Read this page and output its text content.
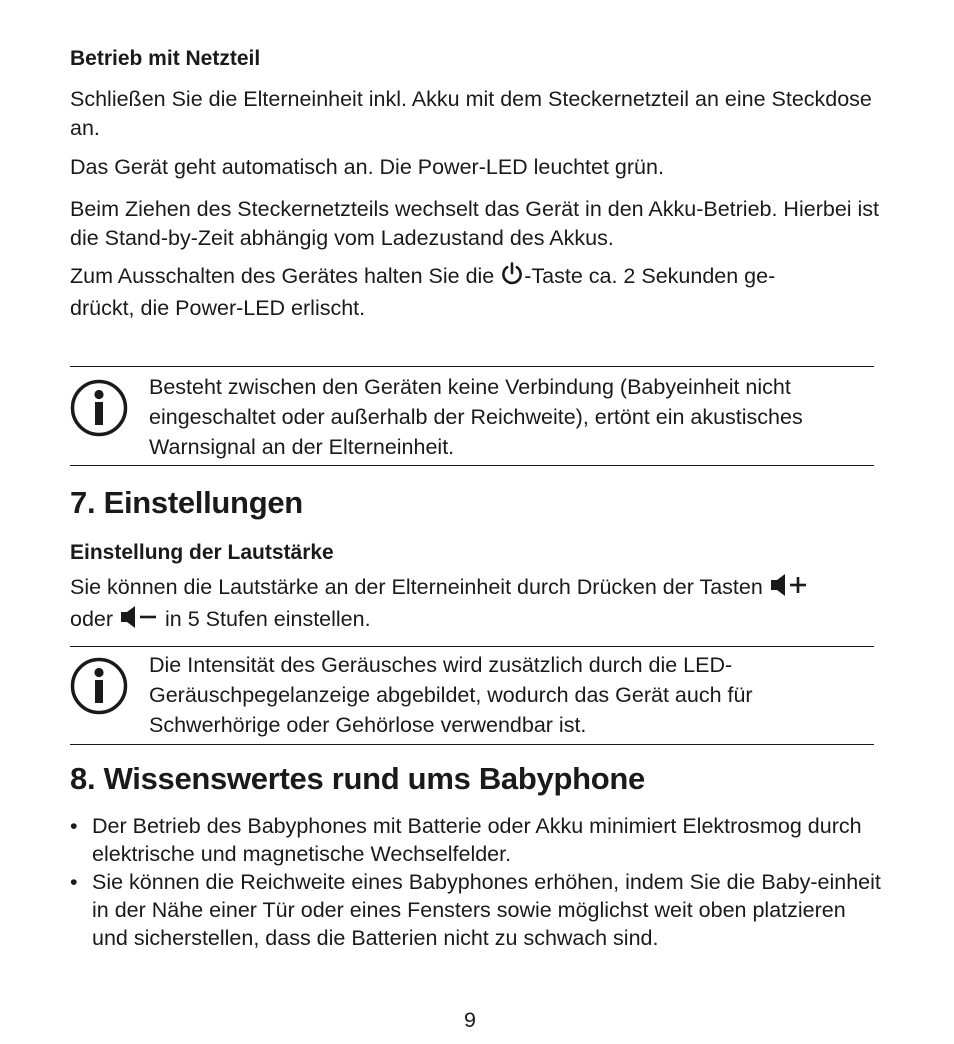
Betrieb mit Netzteil
Schließen Sie die Elterneinheit inkl. Akku mit dem Steckernetzteil an eine Steckdose an.
Das Gerät geht automatisch an. Die Power-LED leuchtet grün.
Beim Ziehen des Steckernetzteils wechselt das Gerät in den Akku-Betrieb. Hierbei ist die Stand-by-Zeit abhängig vom Ladezustand des Akkus.
Zum Ausschalten des Gerätes halten Sie die -Taste ca. 2 Sekunden ge-
drückt, die Power-LED erlischt.
Besteht zwischen den Geräten keine Verbindung (Babyeinheit nicht eingeschaltet oder außerhalb der Reichweite), ertönt ein akustisches Warnsignal an der Elterneinheit.
7. Einstellungen
Einstellung der Lautstärke
Sie können die Lautstärke an der Elterneinheit durch Drücken der Tasten
oder  in 5 Stufen einstellen.
Die Intensität des Geräusches wird zusätzlich durch die LED-Geräuschpegelanzeige abgebildet, wodurch das Gerät auch für Schwerhörige oder Gehörlose verwendbar ist.
8. Wissenswertes rund ums Babyphone
• Der Betrieb des Babyphones mit Batterie oder Akku minimiert Elektrosmog durch elektrische und magnetische Wechselfelder.
• Sie können die Reichweite eines Babyphones erhöhen, indem Sie die Baby-einheit in der Nähe einer Tür oder eines Fensters sowie möglichst weit oben platzieren und sicherstellen, dass die Batterien nicht zu schwach sind.
9
